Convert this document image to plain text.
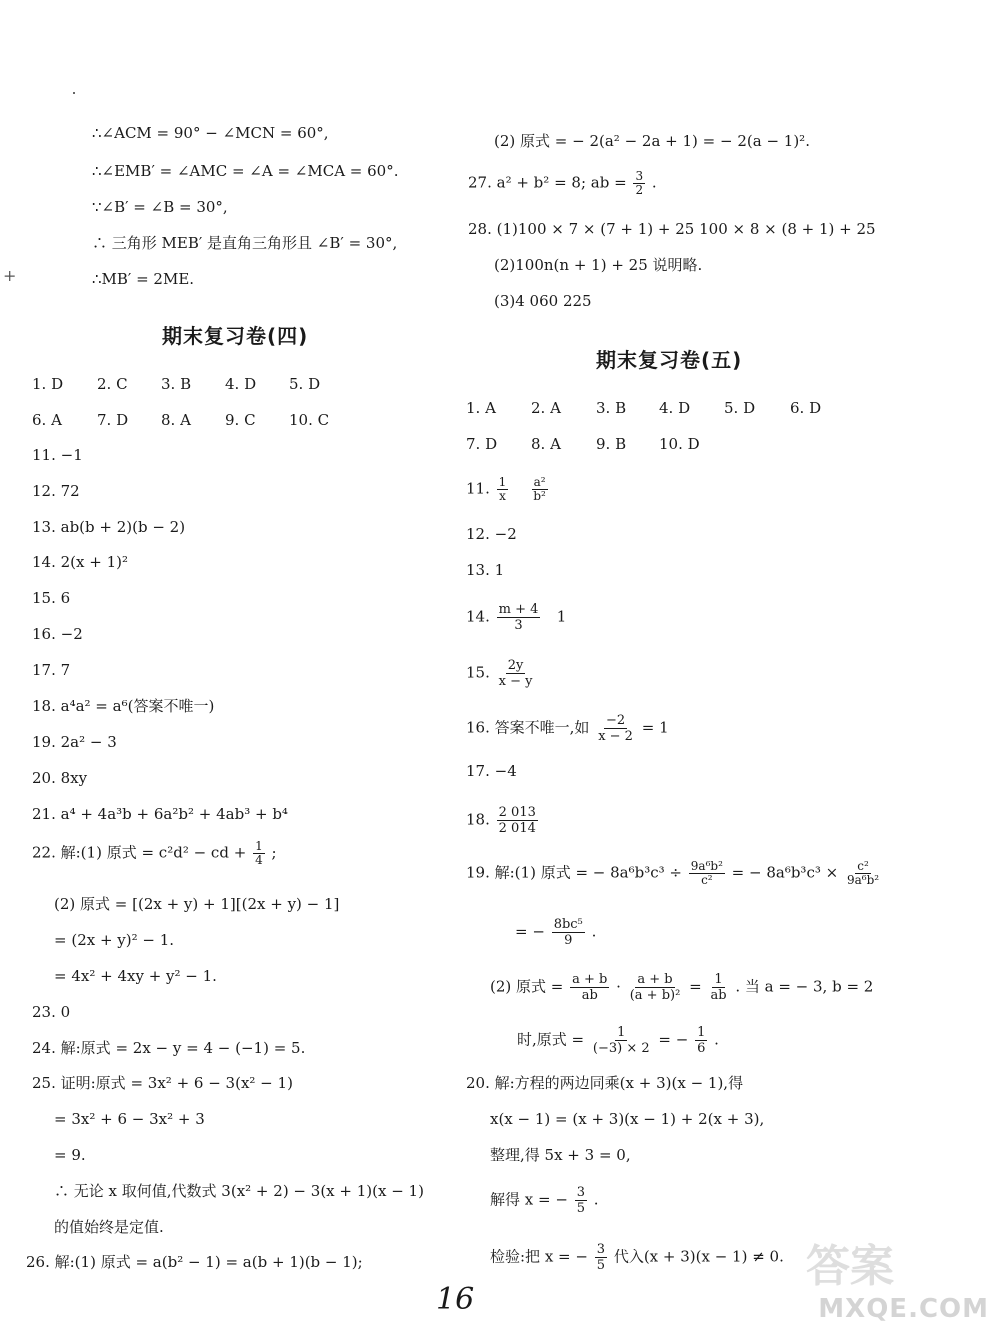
+
∴∠ACM = 90° − ∠MCN = 60°,
∴∠EMB′ = ∠AMC = ∠A = ∠MCA = 60°.
∵∠B′ = ∠B = 30°,
∴ 三角形 MEB′ 是直角三角形且 ∠B′ = 30°,
∴MB′ = 2ME.
期末复习卷(四)
1. D 2. C 3. B 4. D 5. D
6. A 7. D 8. A 9. C 10. C
11. −1
12. 72
13. ab(b + 2)(b − 2)
14. 2(x + 1)²
15. 6
16. −2
17. 7
18. a⁴a² = a⁶(答案不唯一)
19. 2a² − 3
20. 8xy
21. a⁴ + 4a³b + 6a²b² + 4ab³ + b⁴
22. 解:(1) 原式 = c²d² − cd + $\frac{1}{4}$ ;
(2) 原式 = [(2x + y) + 1][(2x + y) − 1]
= (2x + y)² − 1.
= 4x² + 4xy + y² − 1.
23. 0
24. 解:原式 = 2x − y = 4 − (−1) = 5.
25. 证明:原式 = 3x² + 6 − 3(x² − 1)
= 3x² + 6 − 3x² + 3
= 9.
∴ 无论 x 取何值,代数式 3(x² + 2) − 3(x + 1)(x − 1)
的值始终是定值.
26. 解:(1) 原式 = a(b² − 1) = a(b + 1)(b − 1);
(2) 原式 = − 2(a² − 2a + 1) = − 2(a − 1)².
27. a² + b² = 8; ab = $\frac{3}{2}$ .
28. (1)100 × 7 × (7 + 1) + 25 100 × 8 × (8 + 1) + 25
(2)100n(n + 1) + 25 说明略.
(3)4 060 225
期末复习卷(五)
1. A 2. A 3. B 4. D 5. D 6. D
7. D 8. A 9. B 10. D
11. $\frac{1}{x}$
$\frac{\text{a²}}{\text{b²}}$
12. −2
13. 1
14. $\frac{m + 4}{3} 1$
15. $\frac{2y}{x - y}$
16. 答案不唯一,如 $\frac{-2}{x - 2} = 1$
17. −4
18. $\frac{2 013}{2 014}$
19. 解:(1) 原式 = − $8a^6b^3c^3 \div \frac{\text{9a⁶b²}}{\text{c²}}$ = − $8a^6b^3c^3 \times \frac{\text{c²}}{\text{9a⁶b²}}$
= − $\frac{\text{8bc⁵}}{9}$ .
(2) 原式 = $\frac{a + b}{ab} \cdot \frac{a + b}{\text{(a + b)²}} = \frac{1}{ab}$ . 当 a = − 3, b = 2
时,原式 = $\frac{1}{(-3) \times 2}$ = − $\frac{1}{6}$ .
20. 解:方程的两边同乘(x + 3)(x − 1),得
x(x − 1) = (x + 3)(x − 1) + 2(x + 3),
整理,得 5x + 3 = 0,
解得 x = − $\frac{3}{5}$ .
检验:把 x = − $\frac{3}{5}$ 代入(x + 3)(x − 1) ≠ 0.
16
答案
MXQE.COM
